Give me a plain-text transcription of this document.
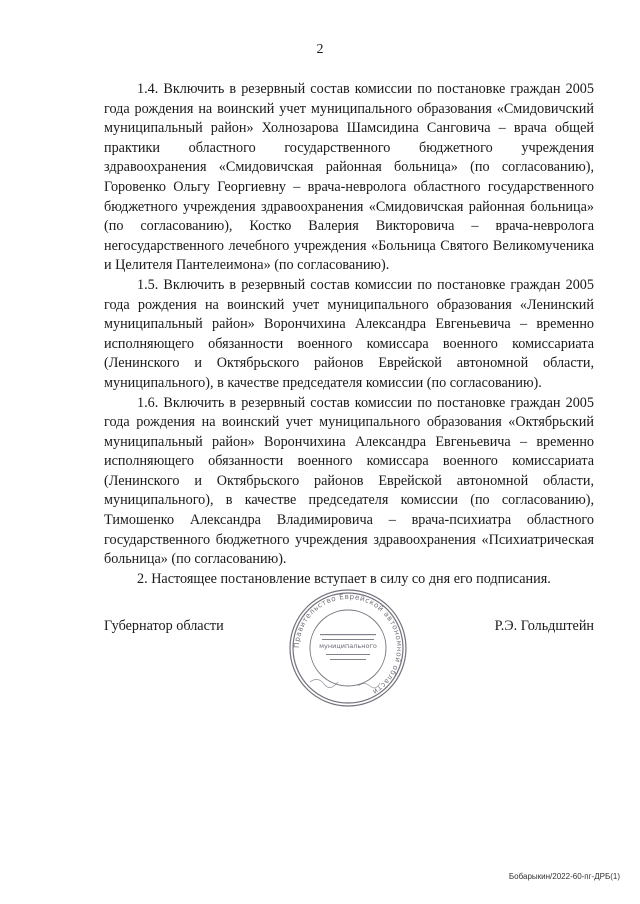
2

1.4. Включить в резервный состав комиссии по постановке граждан 2005 года рождения на воинский учет муниципального образования «Смидовичский муниципальный район» Холнозарова Шамсидина Санговича – врача общей практики областного государственного бюджетного учреждения здравоохранения «Смидовичская районная больница» (по согласованию), Горовенко Ольгу Георгиевну – врача-невролога областного государственного бюджетного учреждения здравоохранения «Смидовичская районная больница» (по согласованию), Костко Валерия Викторовича – врача-невролога негосударственного лечебного учреждения «Больница Святого Великомученика и Целителя Пантелеимона» (по согласованию).

1.5. Включить в резервный состав комиссии по постановке граждан 2005 года рождения на воинский учет муниципального образования «Ленинский муниципальный район» Ворончихина Александра Евгеньевича – временно исполняющего обязанности военного комиссара военного комиссариата (Ленинского и Октябрьского районов Еврейской автономной области, муниципального), в качестве председателя комиссии (по согласованию).

1.6. Включить в резервный состав комиссии по постановке граждан 2005 года рождения на воинский учет муниципального образования «Октябрьский муниципальный район» Ворончихина Александра Евгеньевича – временно исполняющего обязанности военного комиссара военного комиссариата (Ленинского и Октябрьского районов Еврейской автономной области, муниципального), в качестве председателя комиссии (по согласованию), Тимошенко Александра Владимировича – врача-психиатра областного государственного бюджетного учреждения здравоохранения «Психиатрическая больница» (по согласованию).

2. Настоящее постановление вступает в силу со дня его подписания.

Губернатор области	Р.Э. Гольдштейн
Правительство Еврейской автономной области
муниципального
Бобарыкин/2022-60-пг-ДРБ(1)
